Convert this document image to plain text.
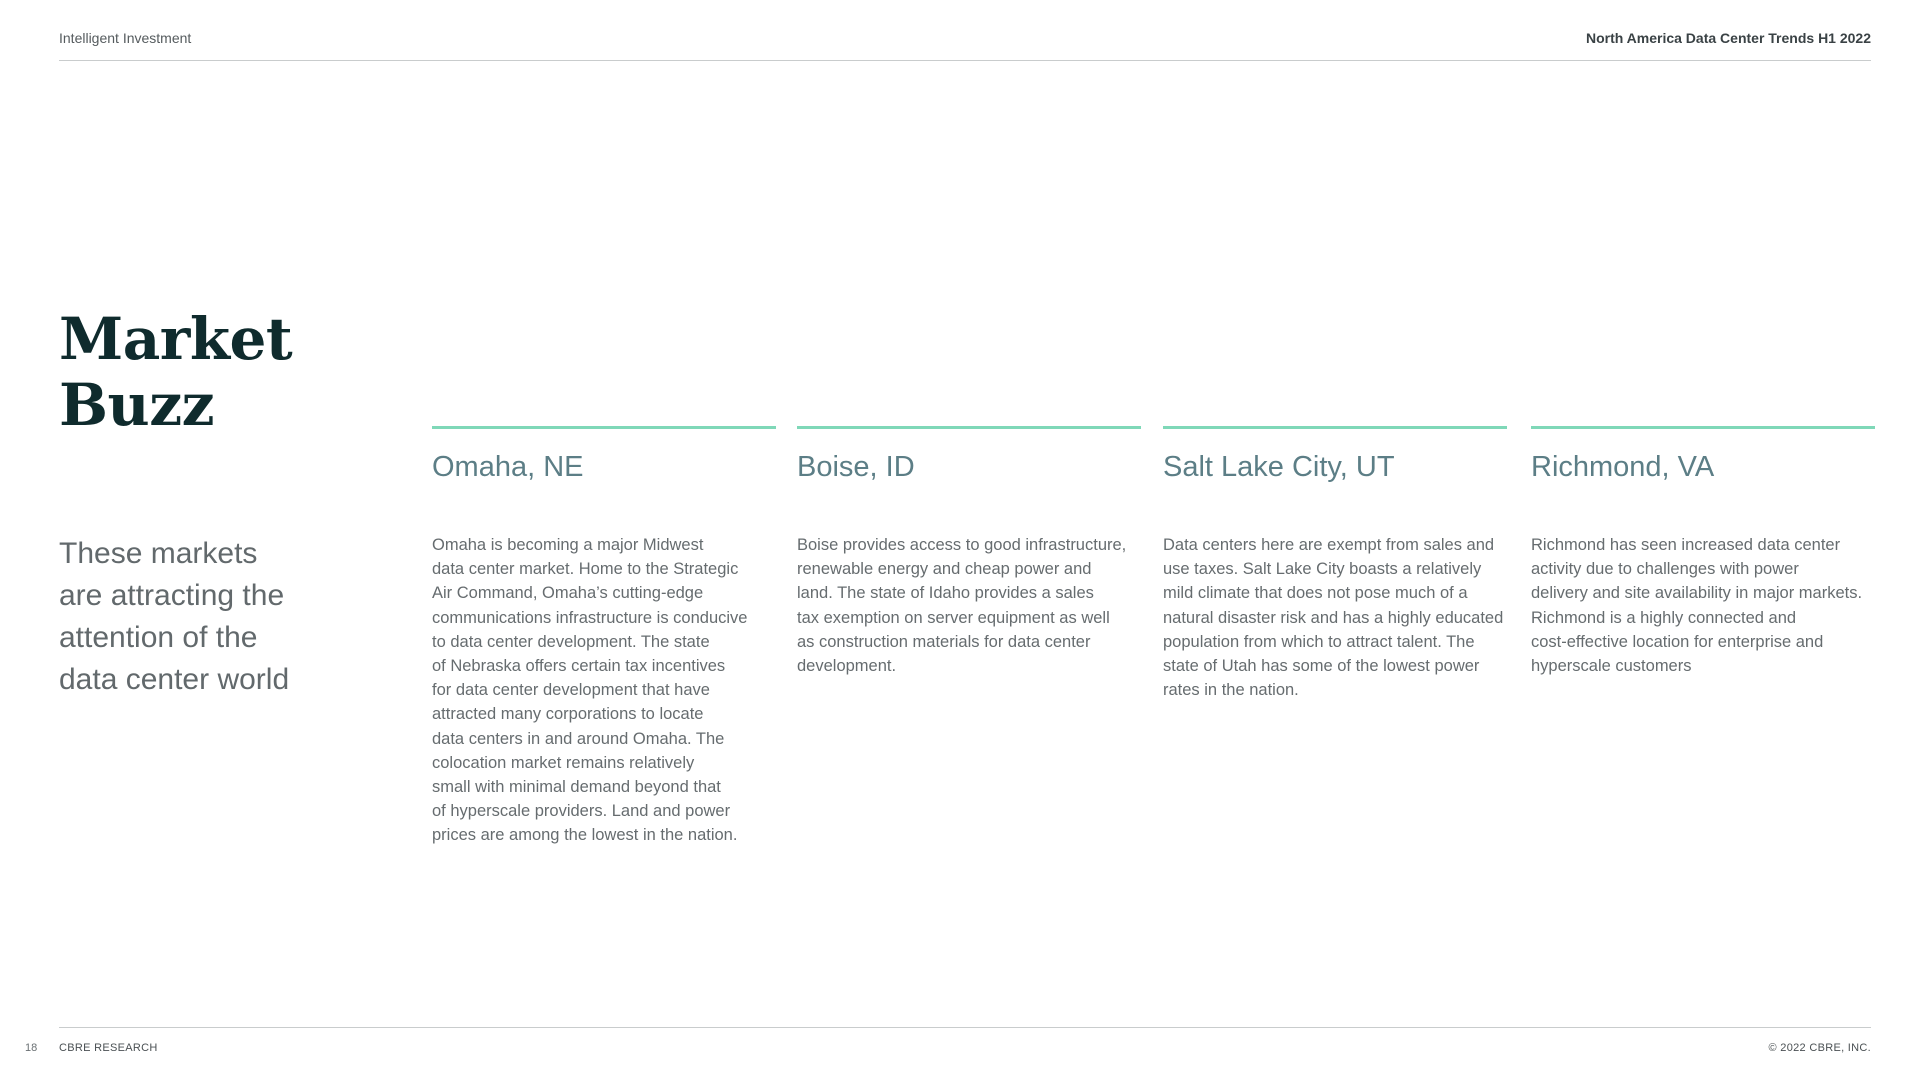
Intelligent Investment	North America Data Center Trends H1 2022
Market
Buzz
These markets
are attracting the
attention of the
data center world
Omaha, NE
Omaha is becoming a major Midwest
data center market. Home to the Strategic
Air Command, Omaha’s cutting-edge
communications infrastructure is conducive
to data center development. The state
of Nebraska offers certain tax incentives
for data center development that have
attracted many corporations to locate
data centers in and around Omaha. The
colocation market remains relatively
small with minimal demand beyond that
of hyperscale providers. Land and power
prices are among the lowest in the nation.
Boise, ID
Boise provides access to good infrastructure,
renewable energy and cheap power and
land. The state of Idaho provides a sales
tax exemption on server equipment as well
as construction materials for data center
development.
Salt Lake City, UT
Data centers here are exempt from sales and
use taxes. Salt Lake City boasts a relatively
mild climate that does not pose much of a
natural disaster risk and has a highly educated
population from which to attract talent. The
state of Utah has some of the lowest power
rates in the nation.
Richmond, VA
Richmond has seen increased data center
activity due to challenges with power
delivery and site availability in major markets.
Richmond is a highly connected and
cost-effective location for enterprise and
hyperscale customers
18 CBRE RESEARCH	© 2022 CBRE, INC.
